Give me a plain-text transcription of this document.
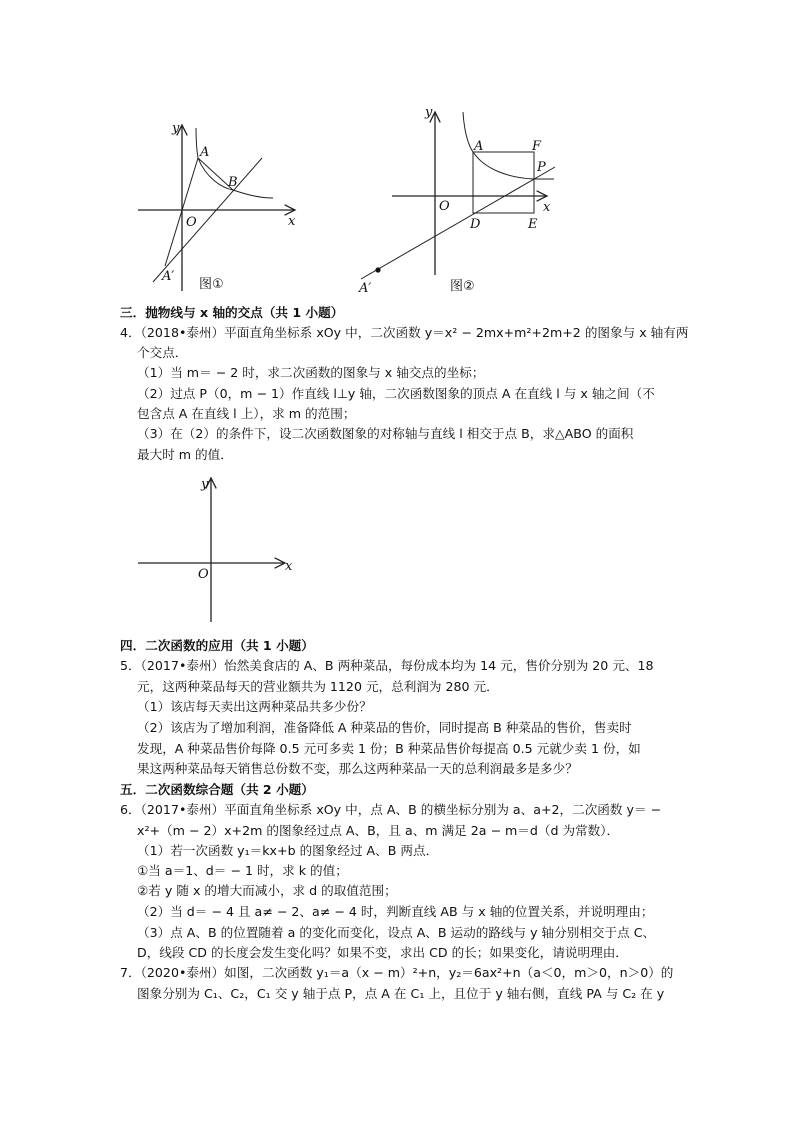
y
x
O
A
B
A′
图①
y
x
O
A	F
P
D	E
A′	图②
y
x
O
三．抛物线与 x 轴的交点（共 1 小题）
4．（2018•泰州）平面直角坐标系 xOy 中，二次函数 y＝x² − 2mx+m²+2m+2 的图象与 x 轴有两
个交点．
（1）当 m＝ − 2 时，求二次函数的图象与 x 轴交点的坐标；
（2）过点 P（0，m − 1）作直线 l⊥y 轴，二次函数图象的顶点 A 在直线 l 与 x 轴之间（不
包含点 A 在直线 l 上），求 m 的范围；
（3）在（2）的条件下，设二次函数图象的对称轴与直线 l 相交于点 B，求△ABO 的面积
最大时 m 的值．
四．二次函数的应用（共 1 小题）
5．（2017•泰州）怡然美食店的 A、B 两种菜品，每份成本均为 14 元，售价分别为 20 元、18
元，这两种菜品每天的营业额共为 1120 元，总利润为 280 元．
（1）该店每天卖出这两种菜品共多少份？
（2）该店为了增加利润，准备降低 A 种菜品的售价，同时提高 B 种菜品的售价，售卖时
发现，A 种菜品售价每降 0.5 元可多卖 1 份；B 种菜品售价每提高 0.5 元就少卖 1 份，如
果这两种菜品每天销售总份数不变，那么这两种菜品一天的总利润最多是多少？
五．二次函数综合题（共 2 小题）
6．（2017•泰州）平面直角坐标系 xOy 中，点 A、B 的横坐标分别为 a、a+2，二次函数 y＝ −
x²+（m − 2）x+2m 的图象经过点 A、B，且 a、m 满足 2a − m＝d（d 为常数）．
（1）若一次函数 y₁＝kx+b 的图象经过 A、B 两点．
①当 a＝1、d＝ − 1 时，求 k 的值；
②若 y 随 x 的增大而减小，求 d 的取值范围；
（2）当 d＝ − 4 且 a≠ − 2、a≠ − 4 时，判断直线 AB 与 x 轴的位置关系，并说明理由；
（3）点 A、B 的位置随着 a 的变化而变化，设点 A、B 运动的路线与 y 轴分别相交于点 C、
D，线段 CD 的长度会发生变化吗？如果不变，求出 CD 的长；如果变化，请说明理由．
7．（2020•泰州）如图，二次函数 y₁＝a（x − m）²+n，y₂＝6ax²+n（a＜0，m＞0，n＞0）的
图象分别为 C₁、C₂，C₁ 交 y 轴于点 P，点 A 在 C₁ 上，且位于 y 轴右侧，直线 PA 与 C₂ 在 y
